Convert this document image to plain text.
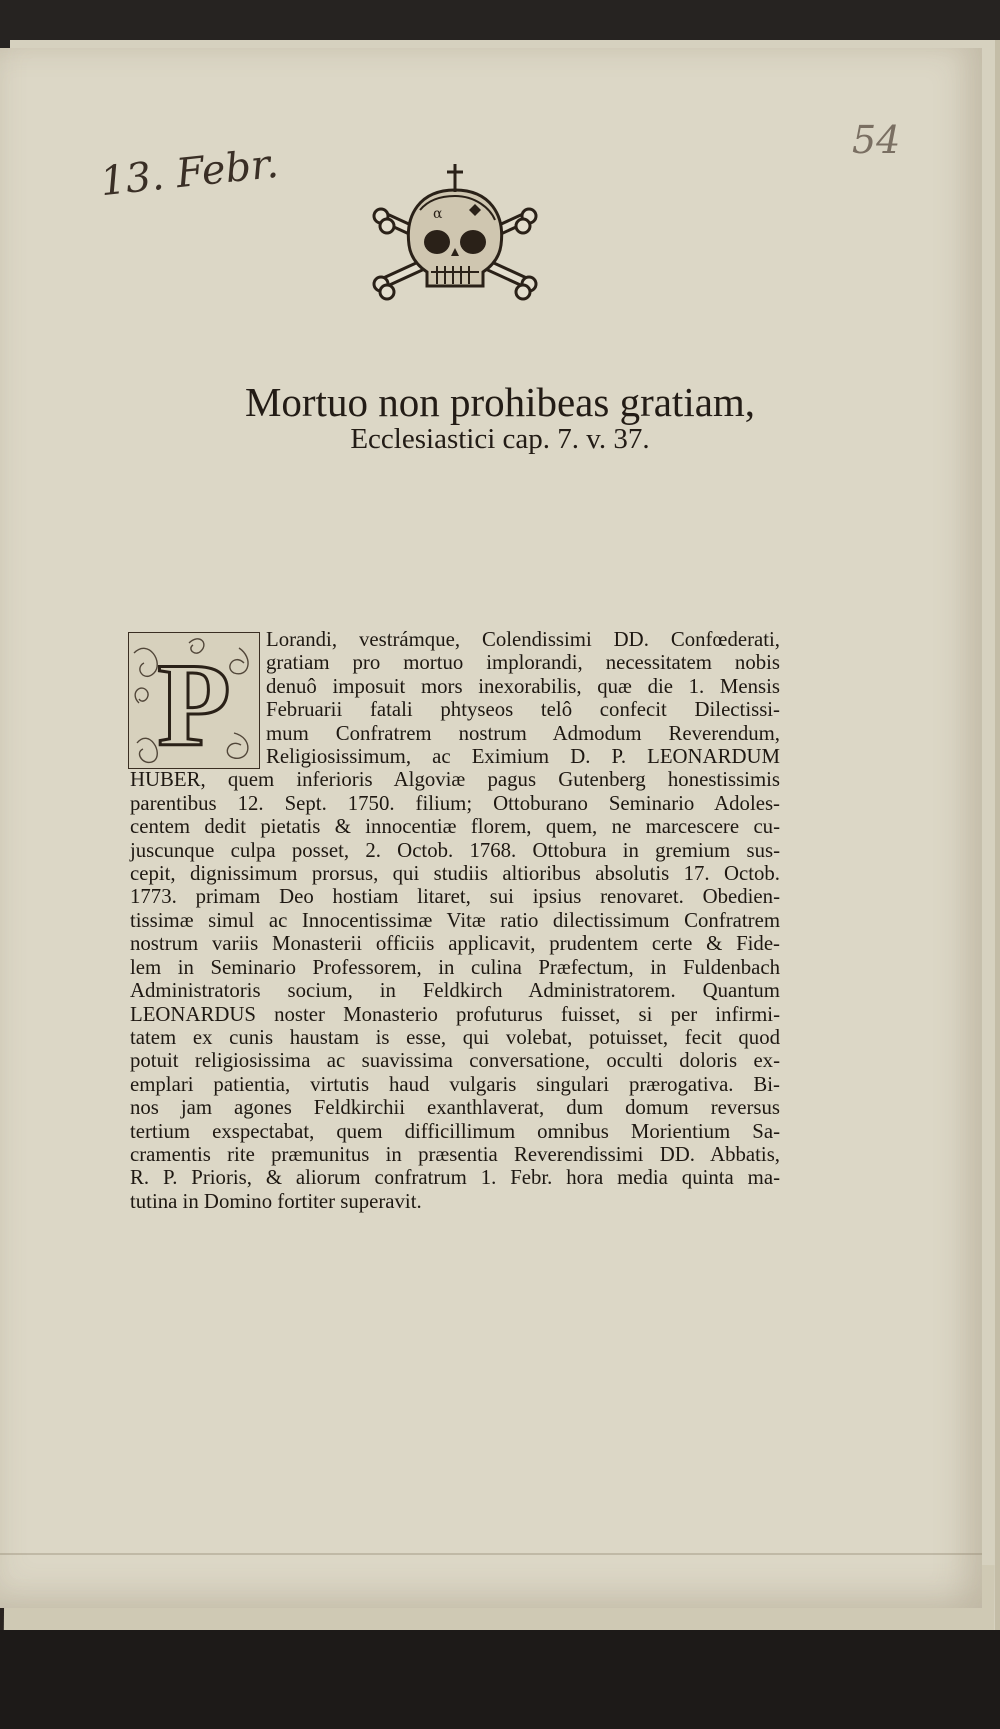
13. Febr.
54
α
Mortuo non prohibeas gratiam,
Ecclesiastici cap. 7. v. 37.
P	Lorandi, vestrámque, Colendissimi DD. Confœderati,
gratiam pro mortuo implorandi, necessitatem nobis
denuô imposuit mors inexorabilis, quæ die 1. Mensis
Februarii fatali phtyseos telô confecit Dilectissi-
mum Confratrem nostrum Admodum Reverendum,
Religiosissimum, ac Eximium D. P. LEONARDUM
HUBER, quem inferioris Algoviæ pagus Gutenberg honestissimis
parentibus 12. Sept. 1750. filium; Ottoburano Seminario Adoles-
centem dedit pietatis & innocentiæ florem, quem, ne marcescere cu-
juscunque culpa posset, 2. Octob. 1768. Ottobura in gremium sus-
cepit, dignissimum prorsus, qui studiis altioribus absolutis 17. Octob.
1773. primam Deo hostiam litaret, sui ipsius renovaret. Obedien-
tissimæ simul ac Innocentissimæ Vitæ ratio dilectissimum Confratrem
nostrum variis Monasterii officiis applicavit, prudentem certe & Fide-
lem in Seminario Professorem, in culina Præfectum, in Fuldenbach
Administratoris socium, in Feldkirch Administratorem. Quantum
LEONARDUS noster Monasterio profuturus fuisset, si per infirmi-
tatem ex cunis haustam is esse, qui volebat, potuisset, fecit quod
potuit religiosissima ac suavissima conversatione, occulti doloris ex-
emplari patientia, virtutis haud vulgaris singulari prærogativa. Bi-
nos jam agones Feldkirchii exanthlaverat, dum domum reversus
tertium exspectabat, quem difficillimum omnibus Morientium Sa-
cramentis rite præmunitus in præsentia Reverendissimi DD. Abbatis,
R. P. Prioris, & aliorum confratrum 1. Febr. hora media quinta ma-
tutina in Domino fortiter superavit.
